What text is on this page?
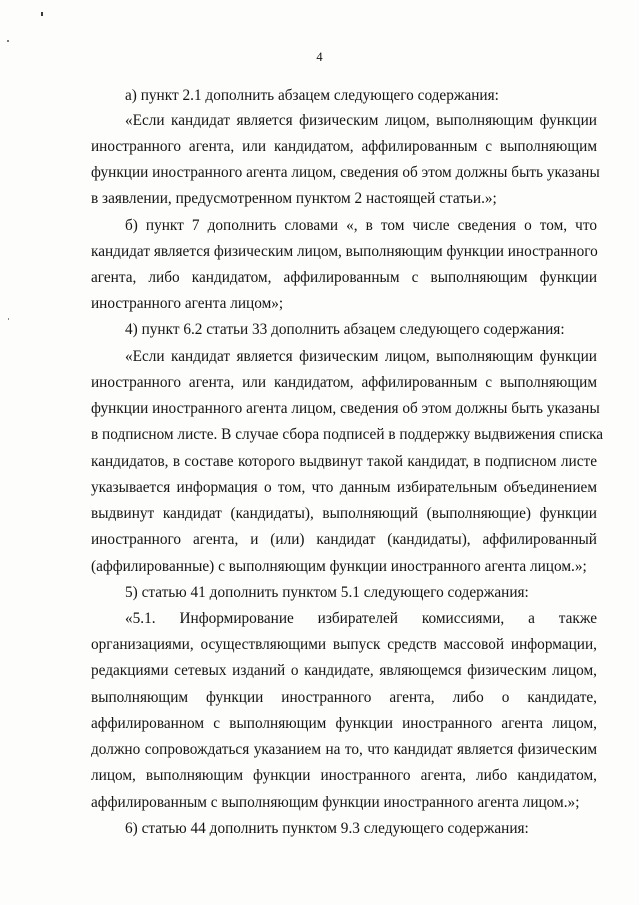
4
а) пункт 2.1 дополнить абзацем следующего содержания:
«Если кандидат является физическим лицом, выполняющим функции
иностранного агента, или кандидатом, аффилированным с выполняющим
функции иностранного агента лицом, сведения об этом должны быть указаны
в заявлении, предусмотренном пунктом 2 настоящей статьи.»;
б) пункт 7 дополнить словами «, в том числе сведения о том, что
кандидат является физическим лицом, выполняющим функции иностранного
агента, либо кандидатом, аффилированным с выполняющим функции
иностранного агента лицом»;
4) пункт 6.2 статьи 33 дополнить абзацем следующего содержания:
«Если кандидат является физическим лицом, выполняющим функции
иностранного агента, или кандидатом, аффилированным с выполняющим
функции иностранного агента лицом, сведения об этом должны быть указаны
в подписном листе. В случае сбора подписей в поддержку выдвижения списка
кандидатов, в составе которого выдвинут такой кандидат, в подписном листе
указывается информация о том, что данным избирательным объединением
выдвинут кандидат (кандидаты), выполняющий (выполняющие) функции
иностранного агента, и (или) кандидат (кандидаты), аффилированный
(аффилированные) с выполняющим функции иностранного агента лицом.»;
5) статью 41 дополнить пунктом 5.1 следующего содержания:
«5.1. Информирование избирателей комиссиями, а также
организациями, осуществляющими выпуск средств массовой информации,
редакциями сетевых изданий о кандидате, являющемся физическим лицом,
выполняющим функции иностранного агента, либо о кандидате,
аффилированном с выполняющим функции иностранного агента лицом,
должно сопровождаться указанием на то, что кандидат является физическим
лицом, выполняющим функции иностранного агента, либо кандидатом,
аффилированным с выполняющим функции иностранного агента лицом.»;
6) статью 44 дополнить пунктом 9.3 следующего содержания:
